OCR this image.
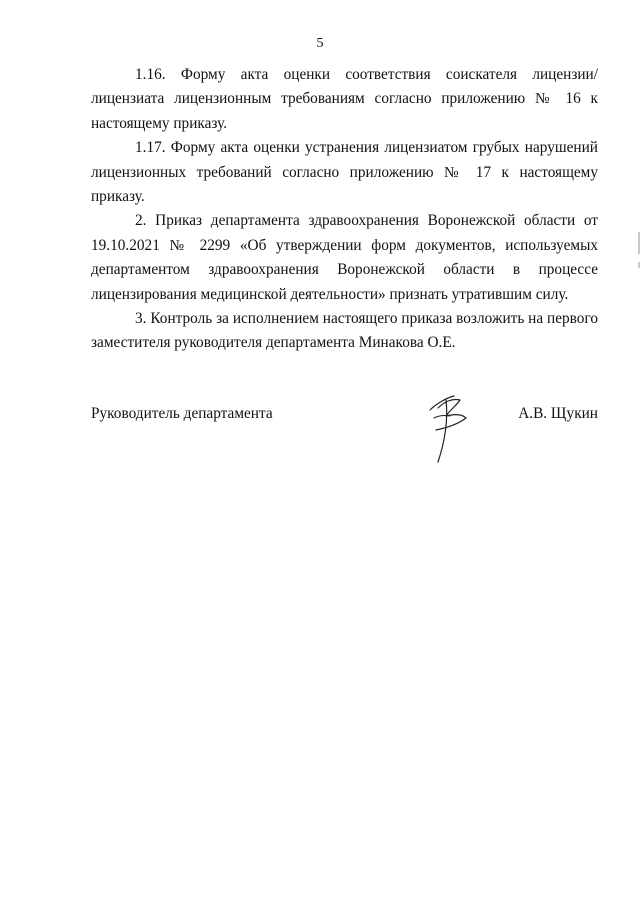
5

1.16. Форму акта оценки соответствия соискателя лицензии/лицензиата лицензионным требованиям согласно приложению № 16 к настоящему приказу.

1.17. Форму акта оценки устранения лицензиатом грубых нарушений лицензионных требований согласно приложению № 17 к настоящему приказу.

2. Приказ департамента здравоохранения Воронежской области от 19.10.2021 № 2299 «Об утверждении форм документов, используемых департаментом здравоохранения Воронежской области в процессе лицензирования медицинской деятельности» признать утратившим силу.

3. Контроль за исполнением настоящего приказа возложить на первого заместителя руководителя департамента Минакова О.Е.

Руководитель департамента	А.В. Щукин
